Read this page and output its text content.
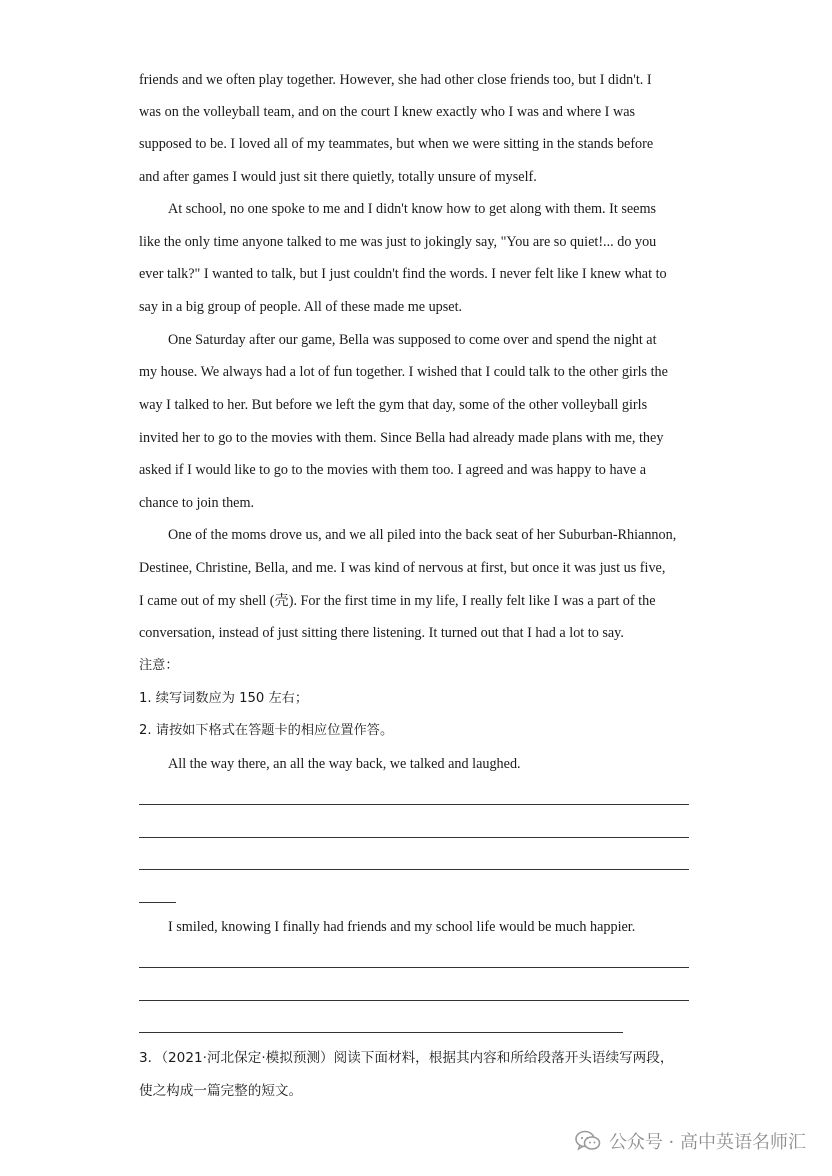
friends and we often play together. However, she had other close friends too, but I didn't. I
was on the volleyball team, and on the court I knew exactly who I was and where I was
supposed to be. I loved all of my teammates, but when we were sitting in the stands before
and after games I would just sit there quietly, totally unsure of myself.
At school, no one spoke to me and I didn't know how to get along with them. It seems
like the only time anyone talked to me was just to jokingly say, "You are so quiet!... do you
ever talk?" I wanted to talk, but I just couldn't find the words. I never felt like I knew what to
say in a big group of people. All of these made me upset.
One Saturday after our game, Bella was supposed to come over and spend the night at
my house. We always had a lot of fun together. I wished that I could talk to the other girls the
way I talked to her. But before we left the gym that day, some of the other volleyball girls
invited her to go to the movies with them. Since Bella had already made plans with me, they
asked if I would like to go to the movies with them too. I agreed and was happy to have a
chance to join them.
One of the moms drove us, and we all piled into the back seat of her Suburban-Rhiannon,
Destinee, Christine, Bella, and me. I was kind of nervous at first, but once it was just us five,
I came out of my shell (壳). For the first time in my life, I really felt like I was a part of the
conversation, instead of just sitting there listening. It turned out that I had a lot to say.
注意：
1. 续写词数应为 150 左右；
2. 请按如下格式在答题卡的相应位置作答。
All the way there, an all the way back, we talked and laughed.
I smiled, knowing I finally had friends and my school life would be much happier.
3．（2021·河北保定·模拟预测）阅读下面材料，根据其内容和所给段落开头语续写两段，
使之构成一篇完整的短文。
公众号 · 高中英语名师汇
